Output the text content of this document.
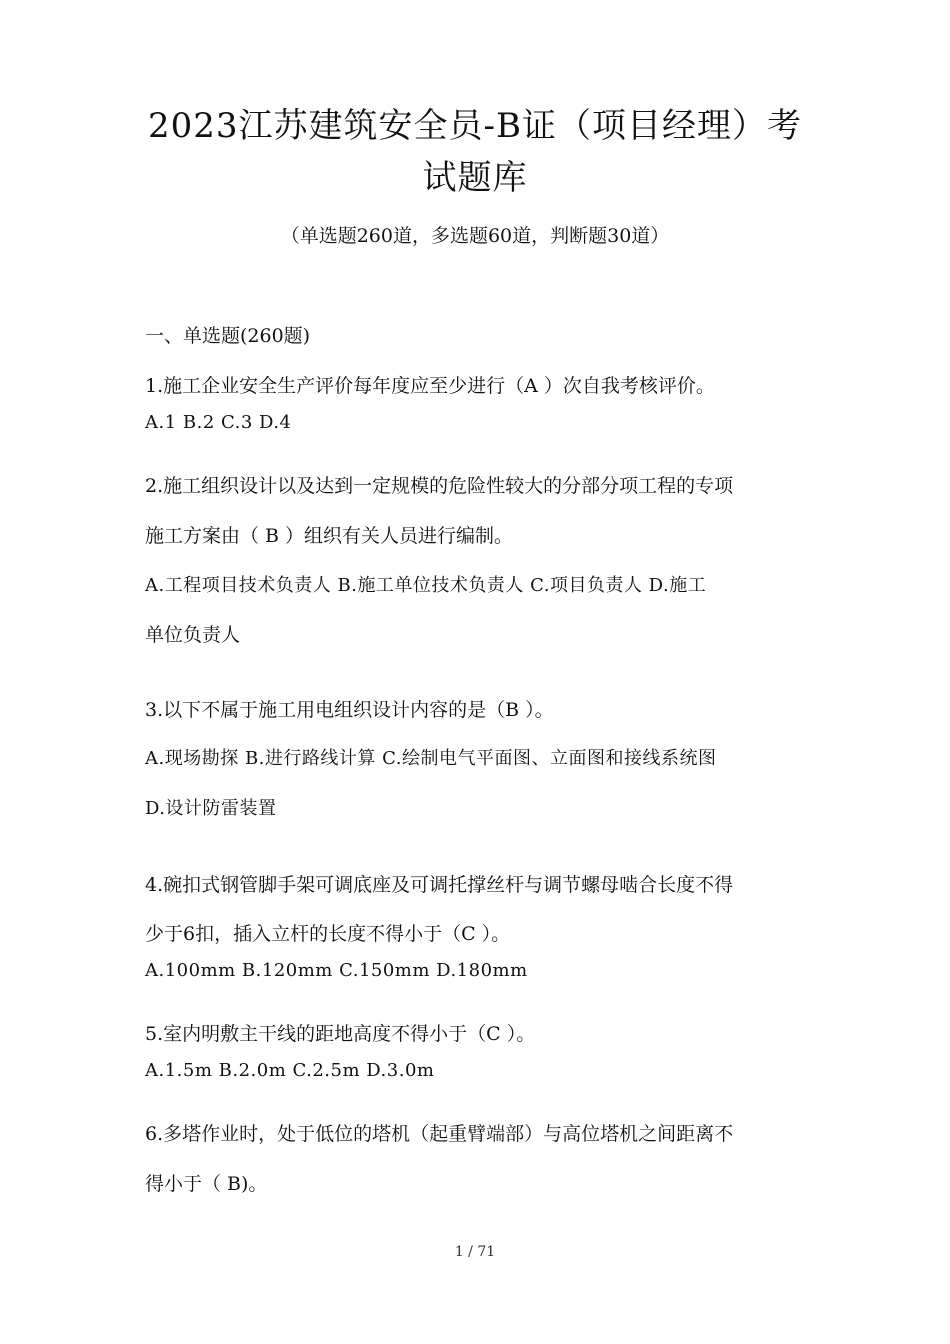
2023江苏建筑安全员-B证（项目经理）考
试题库
（单选题260道，多选题60道，判断题30道）
一、单选题(260题)
1.施工企业安全生产评价每年度应至少进行（A ）次自我考核评价。
A.1 B.2 C.3 D.4
2.施工组织设计以及达到一定规模的危险性较大的分部分项工程的专项
施工方案由（ B ）组织有关人员进行编制。
A.工程项目技术负责人 B.施工单位技术负责人 C.项目负责人 D.施工
单位负责人
3.以下不属于施工用电组织设计内容的是（B ）。
A.现场勘探 B.进行路线计算 C.绘制电气平面图、立面图和接线系统图
D.设计防雷装置
4.碗扣式钢管脚手架可调底座及可调托撑丝杆与调节螺母啮合长度不得
少于6扣，插入立杆的长度不得小于（C ）。
A.100mm B.120mm C.150mm D.180mm
5.室内明敷主干线的距地高度不得小于（C ）。
A.1.5m B.2.0m C.2.5m D.3.0m
6.多塔作业时，处于低位的塔机（起重臂端部）与高位塔机之间距离不
得小于（ B)。
1 / 71
